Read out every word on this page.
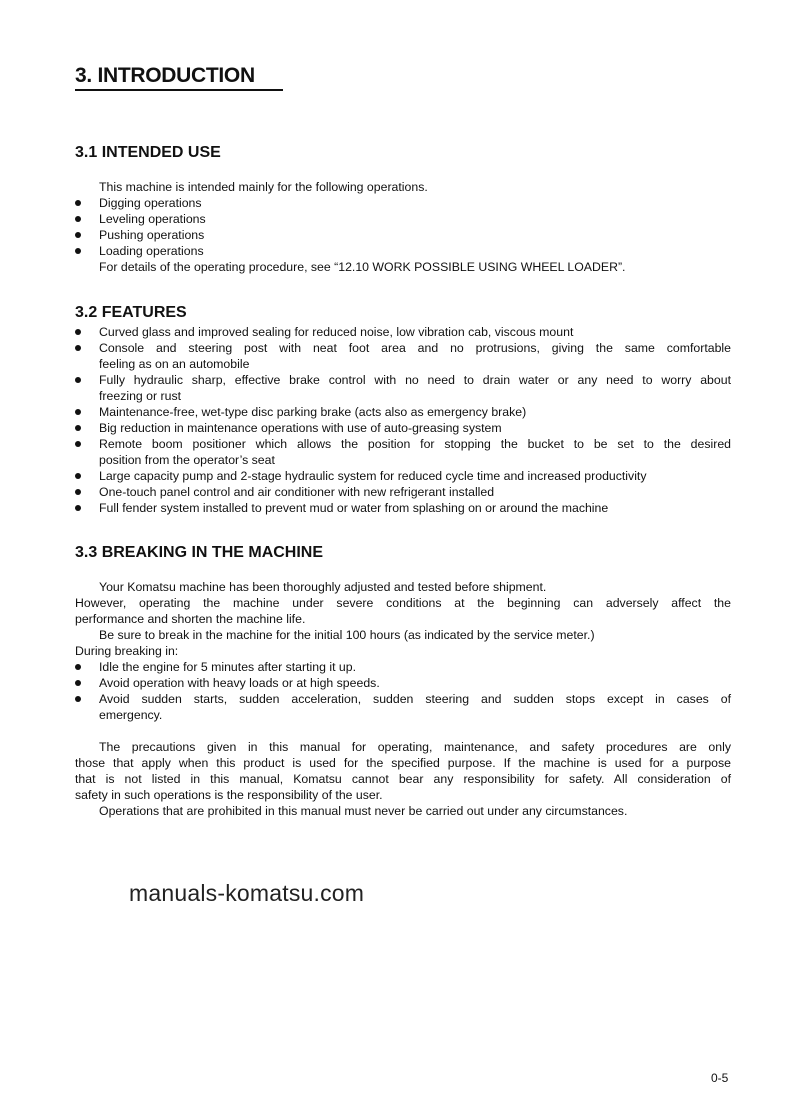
3. INTRODUCTION
3.1 INTENDED USE
This machine is intended mainly for the following operations.
Digging operations
Leveling operations
Pushing operations
Loading operations
For details of the operating procedure, see “12.10 WORK POSSIBLE USING WHEEL LOADER”.
3.2 FEATURES
Curved glass and improved sealing for reduced noise, low vibration cab, viscous mount
Console and steering post with neat foot area and no protrusions, giving the same comfortable
feeling as on an automobile
Fully hydraulic sharp, effective brake control with no need to drain water or any need to worry about
freezing or rust
Maintenance-free, wet-type disc parking brake (acts also as emergency brake)
Big reduction in maintenance operations with use of auto-greasing system
Remote boom positioner which allows the position for stopping the bucket to be set to the desired
position from the operator’s seat
Large capacity pump and 2-stage hydraulic system for reduced cycle time and increased productivity
One-touch panel control and air conditioner with new refrigerant installed
Full fender system installed to prevent mud or water from splashing on or around the machine
3.3 BREAKING IN THE MACHINE
Your Komatsu machine has been thoroughly adjusted and tested before shipment.
However, operating the machine under severe conditions at the beginning can adversely affect the
performance and shorten the machine life.
Be sure to break in the machine for the initial 100 hours (as indicated by the service meter.)
During breaking in:
Idle the engine for 5 minutes after starting it up.
Avoid operation with heavy loads or at high speeds.
Avoid sudden starts, sudden acceleration, sudden steering and sudden stops except in cases of
emergency.
The precautions given in this manual for operating, maintenance, and safety procedures are only
those that apply when this product is used for the specified purpose. If the machine is used for a purpose
that is not listed in this manual, Komatsu cannot bear any responsibility for safety. All consideration of
safety in such operations is the responsibility of the user.
Operations that are prohibited in this manual must never be carried out under any circumstances.
manuals-komatsu.com
0-5
